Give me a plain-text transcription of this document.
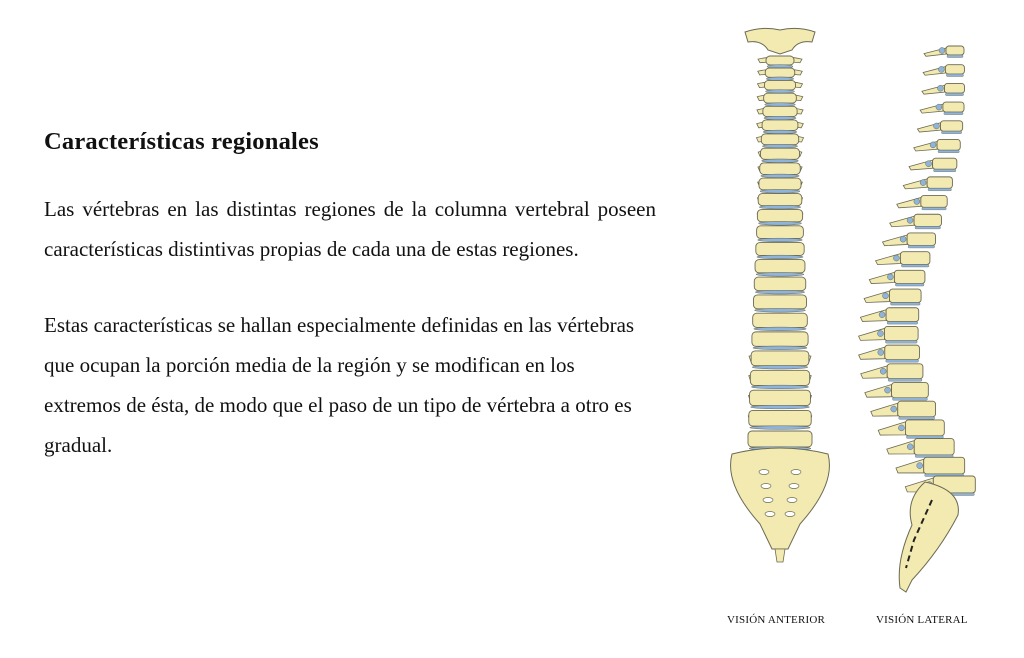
Características regionales

Las vértebras en las distintas regiones de la columna vertebral poseen características distintivas propias de cada una de estas regiones.

Estas características se hallan especialmente definidas en las vértebras que ocupan la porción media de la región y se modifican en los extremos de ésta, de modo que el paso de un tipo de vértebra a otro es gradual.

VISIÓN ANTERIOR	VISIÓN LATERAL
